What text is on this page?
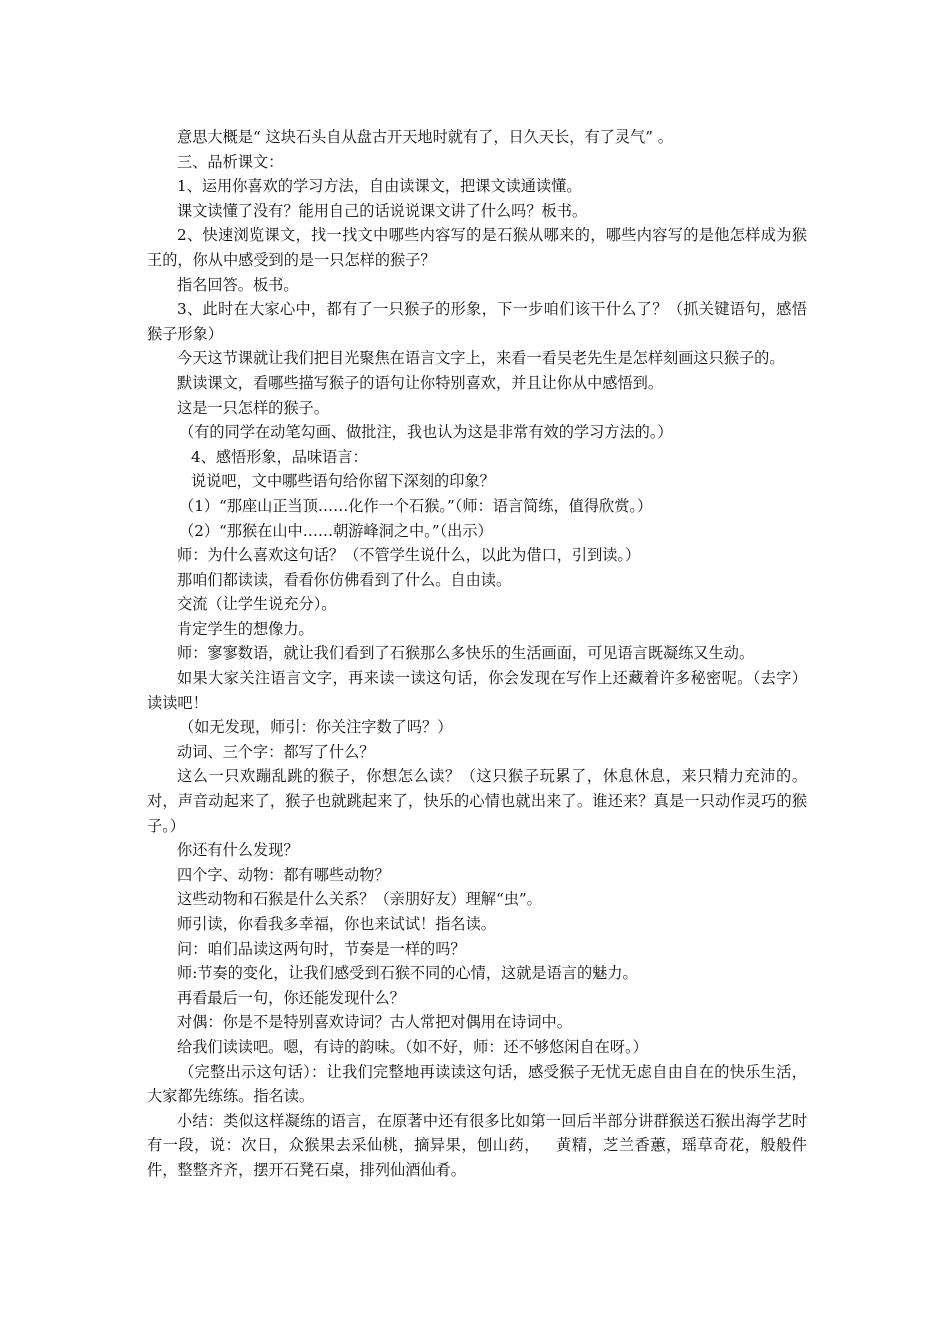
意思大概是“ 这块石头自从盘古开天地时就有了，日久天长，有了灵气” 。

三、品析课文：

1、运用你喜欢的学习方法，自由读课文，把课文读通读懂。

课文读懂了没有？能用自己的话说说课文讲了什么吗？板书。

2、快速浏览课文，找一找文中哪些内容写的是石猴从哪来的，哪些内容写的是他怎样成为猴王的，你从中感受到的是一只怎样的猴子？

指名回答。板书。

3、此时在大家心中，都有了一只猴子的形象，下一步咱们该干什么了？（抓关键语句，感悟猴子形象）

今天这节课就让我们把目光聚焦在语言文字上，来看一看吴老先生是怎样刻画这只猴子的。

默读课文，看哪些描写猴子的语句让你特别喜欢，并且让你从中感悟到。

这是一只怎样的猴子。

（有的同学在动笔勾画、做批注，我也认为这是非常有效的学习方法的。）

4、感悟形象，品味语言：

说说吧，文中哪些语句给你留下深刻的印象？

（1）“那座山正当顶……化作一个石猴。”（师：语言简练，值得欣赏。）

（2）“那猴在山中……朝游峰洞之中。”（出示）

师：为什么喜欢这句话？（不管学生说什么，以此为借口，引到读。）

那咱们都读读，看看你仿佛看到了什么。自由读。

交流（让学生说充分）。

肯定学生的想像力。

师：寥寥数语，就让我们看到了石猴那么多快乐的生活画面，可见语言既凝练又生动。

如果大家关注语言文字，再来读一读这句话，你会发现在写作上还藏着许多秘密呢。（去字）读读吧！

（如无发现，师引：你关注字数了吗？）

动词、三个字：都写了什么？

这么一只欢蹦乱跳的猴子，你想怎么读？（这只猴子玩累了，休息休息，来只精力充沛的。对，声音动起来了，猴子也就跳起来了，快乐的心情也就出来了。谁还来？真是一只动作灵巧的猴子。）

你还有什么发现？

四个字、动物：都有哪些动物？

这些动物和石猴是什么关系？（亲朋好友）理解“虫”。

师引读，你看我多幸福，你也来试试！指名读。

问：咱们品读这两句时，节奏是一样的吗？

师:节奏的变化，让我们感受到石猴不同的心情，这就是语言的魅力。

再看最后一句，你还能发现什么？

对偶：你是不是特别喜欢诗词？古人常把对偶用在诗词中。

给我们读读吧。嗯，有诗的韵味。（如不好，师：还不够悠闲自在呀。）

（完整出示这句话）：让我们完整地再读读这句话，感受猴子无忧无虑自由自在的快乐生活，大家都先练练。指名读。

小结：类似这样凝练的语言，在原著中还有很多比如第一回后半部分讲群猴送石猴出海学艺时有一段，说：次日，众猴果去采仙桃，摘异果，刨山药，   黄精，芝兰香蕙，瑶草奇花，般般件件，整整齐齐，摆开石凳石桌，排列仙酒仙肴。
